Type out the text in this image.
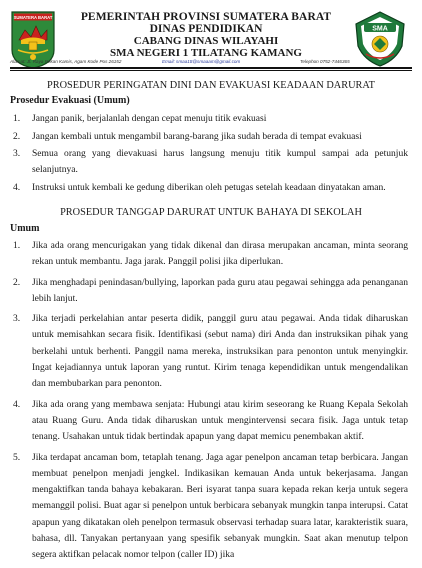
SUMATERA BARAT	PEMERINTAH PROVINSI SUMATERA BARAT
DINAS PENDIDIKAN
CABANG DINAS WILAYAHI
SMA NEGERI 1 TILATANG KAMANG
SMA
Alamat: Jl. Raya Pekan Kamis, Agam Kode Pos 26152	Email: smaa1tt@smaaam@gmail.com	Telephon 0752-7446365
PROSEDUR PERINGATAN DINI DAN EVAKUASI KEADAAN DARURAT
Prosedur Evakuasi (Umum)
1. Jangan panik, berjalanlah dengan cepat menuju titik evakuasi
2. Jangan kembali untuk mengambil barang-barang jika sudah berada di tempat evakuasi
3. Semua orang yang dievakuasi harus langsung menuju titik kumpul sampai ada petunjuk selanjutnya.
4. Instruksi untuk kembali ke gedung diberikan oleh petugas setelah keadaan dinyatakan aman.
PROSEDUR TANGGAP DARURAT UNTUK BAHAYA DI SEKOLAH
Umum
1. Jika ada orang mencurigakan yang tidak dikenal dan dirasa merupakan ancaman, minta seorang rekan untuk membantu. Jaga jarak. Panggil polisi jika diperlukan.
2. Jika menghadapi penindasan/bullying, laporkan pada guru atau pegawai sehingga ada penanganan lebih lanjut.
3. Jika terjadi perkelahian antar peserta didik, panggil guru atau pegawai. Anda tidak diharuskan untuk memisahkan secara fisik. Identifikasi (sebut nama) diri Anda dan instruksikan pihak yang berkelahi untuk berhenti. Panggil nama mereka, instruksikan para penonton untuk menyingkir. Ingat kejadiannya untuk laporan yang runtut. Kirim tenaga kependidikan untuk mengendalikan dan membubarkan para penonton.
4. Jika ada orang yang membawa senjata: Hubungi atau kirim seseorang ke Ruang Kepala Sekolah atau Ruang Guru. Anda tidak diharuskan untuk mengintervensi secara fisik. Jaga untuk tetap tenang. Usahakan untuk tidak bertindak apapun yang dapat memicu penembakan aktif.
5. Jika terdapat ancaman bom, tetaplah tenang. Jaga agar penelpon ancaman tetap berbicara. Jangan membuat penelpon menjadi jengkel. Indikasikan kemauan Anda untuk bekerjasama. Jangan mengaktifkan tanda bahaya kebakaran. Beri isyarat tanpa suara kepada rekan kerja untuk segera memanggil polisi. Buat agar si penelpon untuk berbicara sebanyak mungkin tanpa interupsi. Catat apapun yang dikatakan oleh penelpon termasuk observasi terhadap suara latar, karakteristik suara, bahasa, dll. Tanyakan pertanyaan yang spesifik sebanyak mungkin. Saat akan menutup telpon segera aktifkan pelacak nomor telpon (caller ID) jika
